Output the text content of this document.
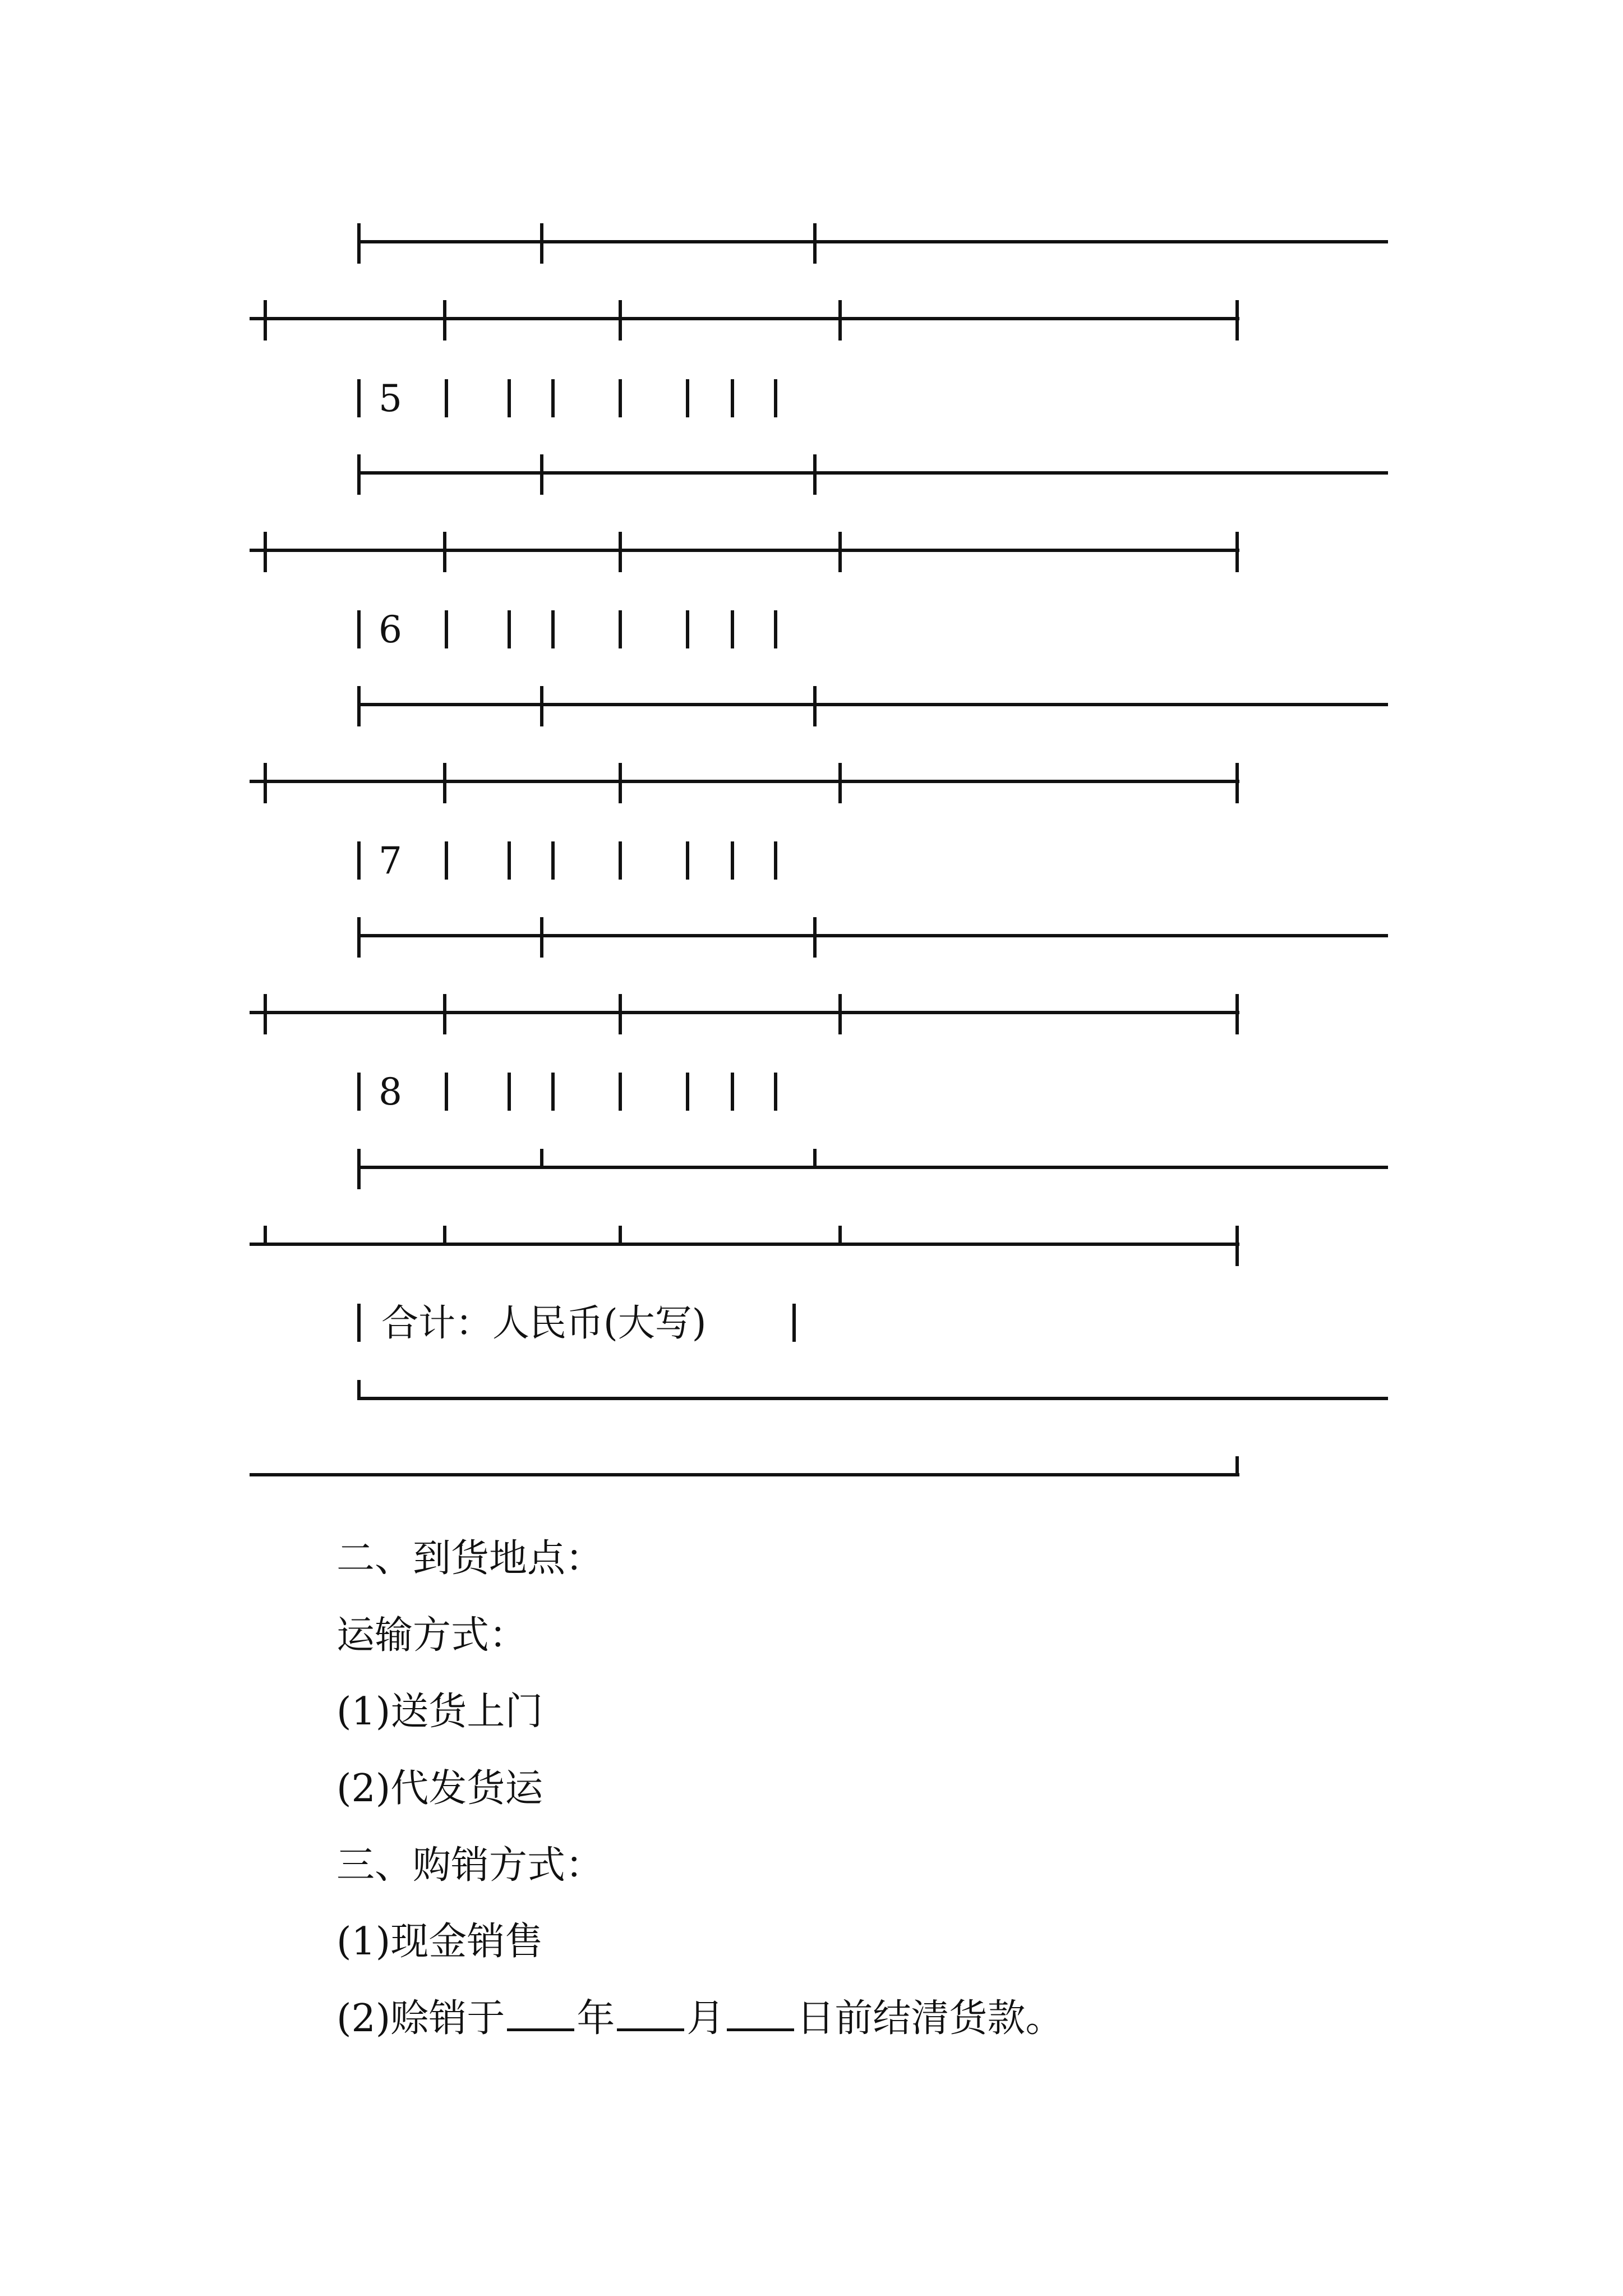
5
6
7
8
合计：人民币(大写)
二、到货地点：
运输方式：
(1)送货上门
(2)代发货运
三、购销方式：
(1)现金销售
(2)赊销于 年 月 日前结清货款。
